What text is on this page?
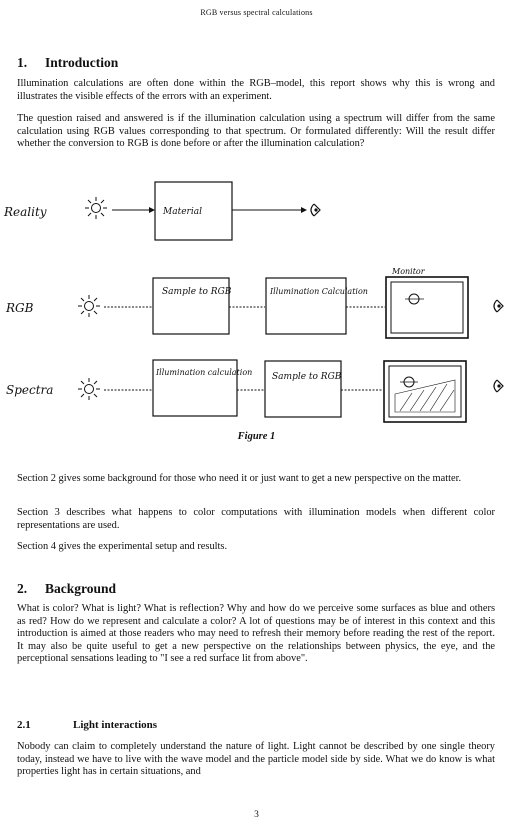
RGB versus spectral calculations
1. Introduction
Illumination calculations are often done within the RGB–model, this report shows why this is wrong and illustrates the visible effects of the errors with an experiment.
The question raised and answered is if the illumination calculation using a spectrum will differ from the same calculation using RGB values corresponding to that spectrum. Or formulated differently: Will the result differ whether the conversion to RGB is done before or after the illumination calculation?
Reality	Material
RGB
Sample to RGB	Illumination Calculation
Monitor
Spectra
Illumination calculation Sample to RGB
Figure 1
Section 2 gives some background for those who need it or just want to get a new perspective on the matter.
Section 3 describes what happens to color computations with illumination models when different color representations are used.
Section 4 gives the experimental setup and results.
2. Background
What is color? What is light? What is reflection? Why and how do we perceive some surfaces as blue and others as red? How do we represent and calculate a color? A lot of questions may be of interest in this context and this introduction is aimed at those readers who may need to refresh their memory before reading the rest of the report. It may also be quite useful to get a new perspective on the relationships between physics, the eye, and the perceptional sensations leading to "I see a red surface lit from above".
2.1	Light interactions
Nobody can claim to completely understand the nature of light. Light cannot be described by one single theory today, instead we have to live with the wave model and the particle model side by side. What we do know is what properties light has in certain situations, and
3
